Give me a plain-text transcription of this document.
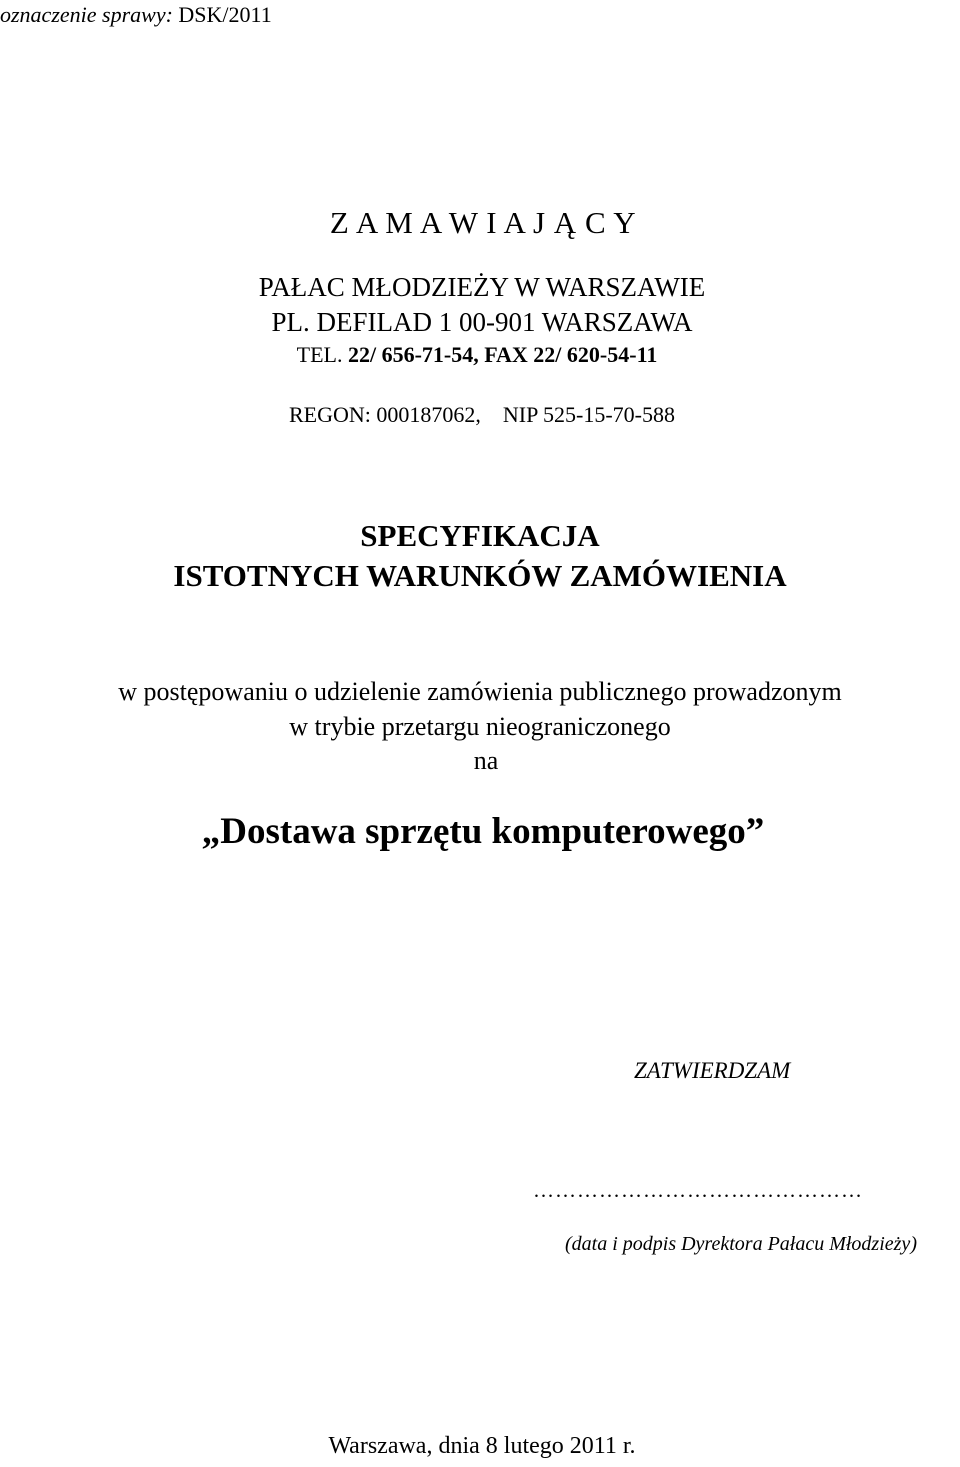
oznaczenie sprawy: DSK/2011
Z A M A W I A J Ą C Y
PAŁAC MŁODZIEŻY W WARSZAWIE
PL. DEFILAD 1 00-901 WARSZAWA
TEL. 22/ 656-71-54, FAX 22/ 620-54-11
REGON: 000187062,    NIP 525-15-70-588
SPECYFIKACJA
ISTOTNYCH WARUNKÓW ZAMÓWIENIA
w postępowaniu o udzielenie zamówienia publicznego prowadzonym
w trybie przetargu nieograniczonego
na
„Dostawa sprzętu komputerowego”
ZATWIERDZAM
………………………………………
(data i podpis Dyrektora Pałacu Młodzieży)
Warszawa, dnia 8 lutego 2011 r.
